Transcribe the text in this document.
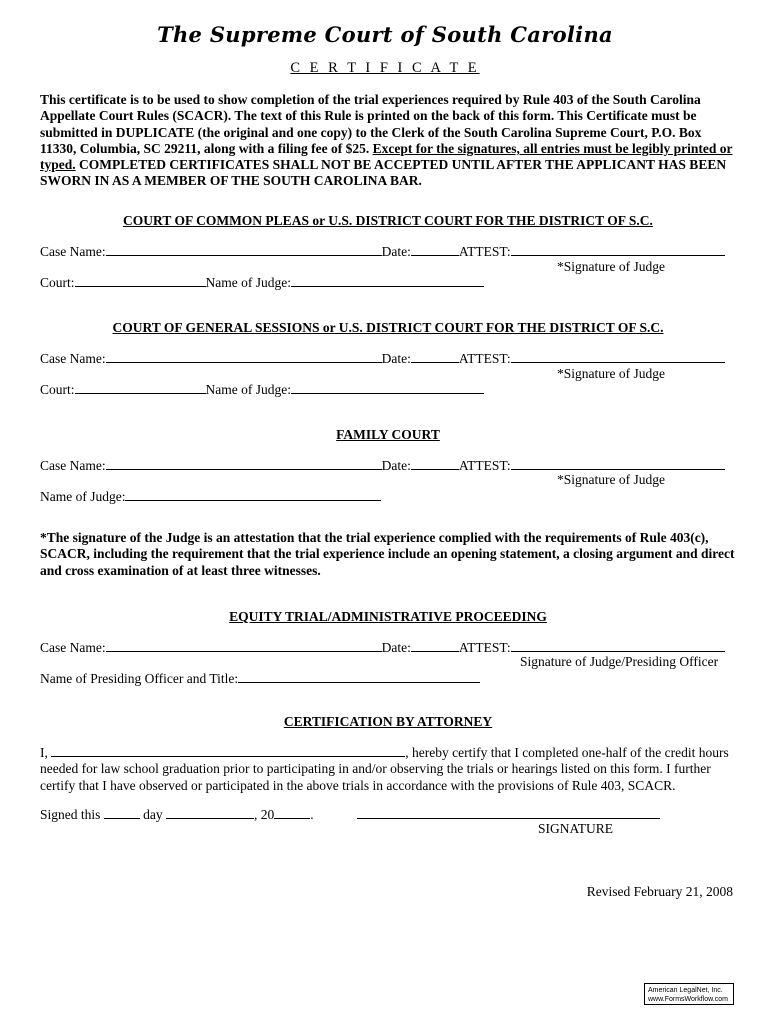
The Supreme Court of South Carolina
C E R T I F I C A T E
This certificate is to be used to show completion of the trial experiences required by Rule 403 of the South Carolina Appellate Court Rules (SCACR). The text of this Rule is printed on the back of this form. This Certificate must be submitted in DUPLICATE (the original and one copy) to the Clerk of the South Carolina Supreme Court, P.O. Box 11330, Columbia, SC 29211, along with a filing fee of $25. Except for the signatures, all entries must be legibly printed or typed. COMPLETED CERTIFICATES SHALL NOT BE ACCEPTED UNTIL AFTER THE APPLICANT HAS BEEN SWORN IN AS A MEMBER OF THE SOUTH CAROLINA BAR.
COURT OF COMMON PLEAS or U.S. DISTRICT COURT FOR THE DISTRICT OF S.C.
Case Name:	Date:	ATTEST:
*Signature of Judge
Court:	Name of Judge:
COURT OF GENERAL SESSIONS or U.S. DISTRICT COURT FOR THE DISTRICT OF S.C.
Case Name:	Date:	ATTEST:
*Signature of Judge
Court:	Name of Judge:
FAMILY COURT
Case Name:	Date:	ATTEST:
*Signature of Judge
Name of Judge:
*The signature of the Judge is an attestation that the trial experience complied with the requirements of Rule 403(c), SCACR, including the requirement that the trial experience include an opening statement, a closing argument and direct and cross examination of at least three witnesses.
EQUITY TRIAL/ADMINISTRATIVE PROCEEDING
Case Name:	Date:	ATTEST:
Signature of Judge/Presiding Officer
Name of Presiding Officer and Title:
CERTIFICATION BY ATTORNEY
I,	, hereby certify that I completed one-half of the credit hours needed for law school graduation prior to participating in and/or observing the trials or hearings listed on this form. I further certify that I have observed or participated in the above trials in accordance with the provisions of Rule 403, SCACR.
Signed this	day	, 20	.
SIGNATURE
Revised February 21, 2008
American LegalNet, Inc.
www.FormsWorkflow.com
